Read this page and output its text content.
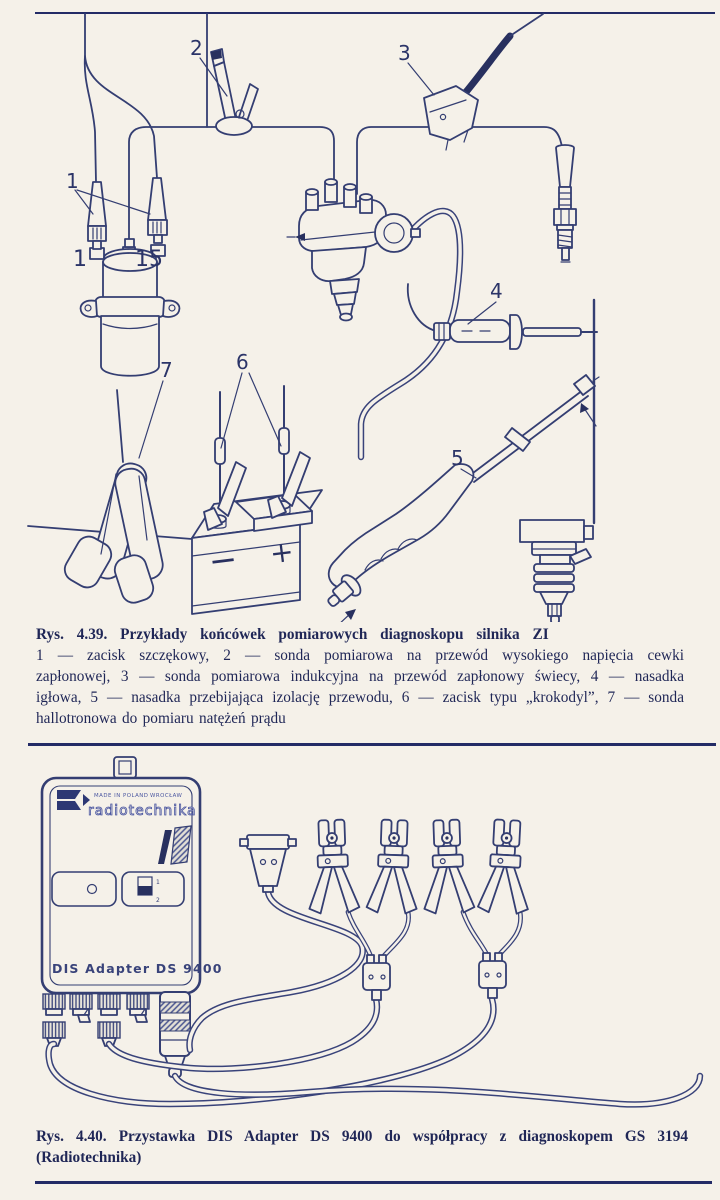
1 15
− +
1
2	3
4
5
6
7
Rys. 4.39. Przykłady końcówek pomiarowych diagnoskopu silnika ZI
1 — zacisk szczękowy, 2 — sonda pomiarowa na przewód wysokiego napięcia cewki
zapłonowej, 3 — sonda pomiarowa indukcyjna na przewód zapłonowy świecy, 4 — nasadka
igłowa, 5 — nasadka przebijająca izolację przewodu, 6 — zacisk typu „krokodyl”, 7 — sonda
hallotronowa do pomiaru natężeń prądu
MADE IN POLAND WROCŁAW
radiotechnika
1
2
DIS Adapter DS 9400
Rys. 4.40. Przystawka DIS Adapter DS 9400 do współpracy z diagnoskopem GS 3194
(Radiotechnika)
